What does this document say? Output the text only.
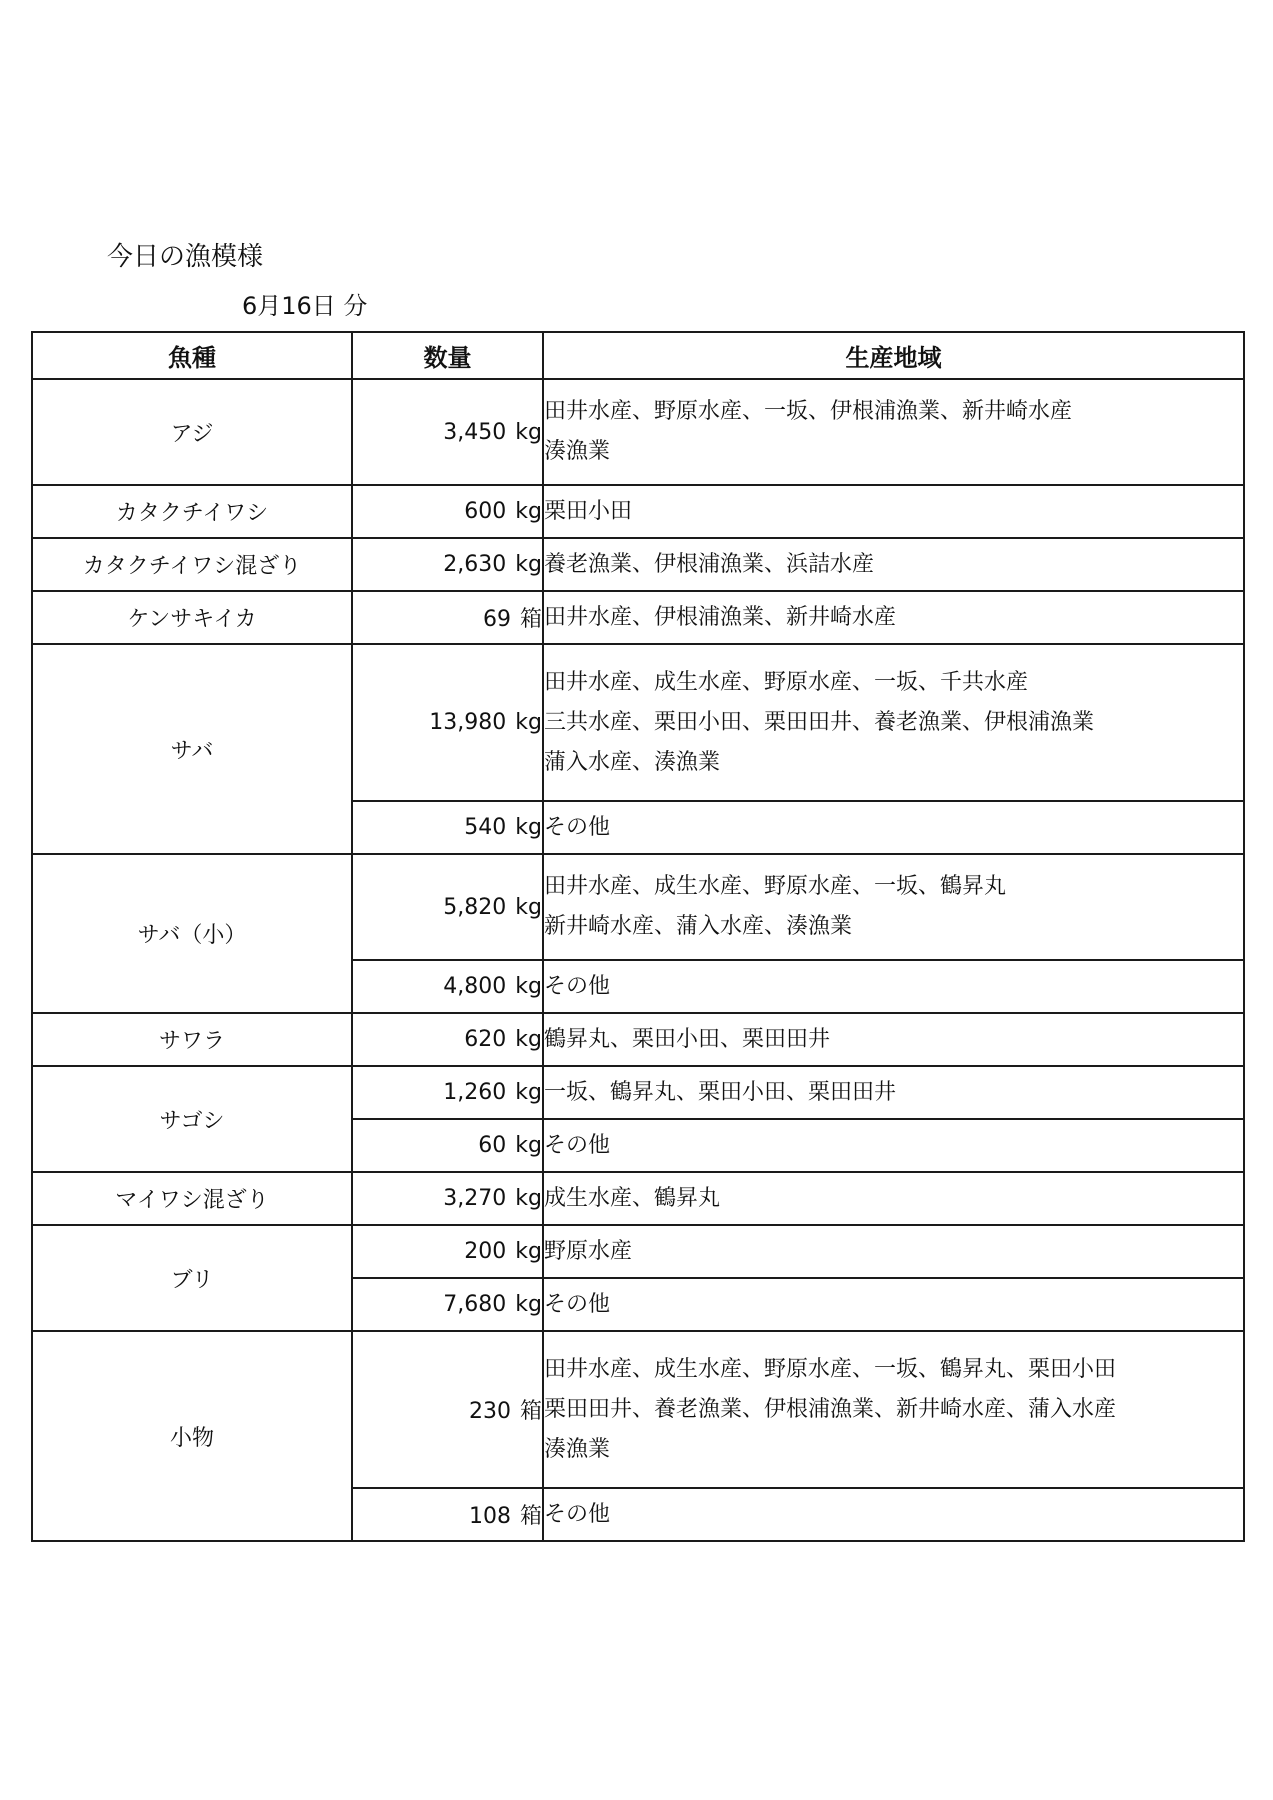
今日の漁模様
6月16日 分
魚種	数量	生産地域
アジ	3,450 kg	田井水産、野原水産、一坂、伊根浦漁業、新井崎水産
湊漁業

カタクチイワシ	600 kg	栗田小田

カタクチイワシ混ざり	2,630 kg	養老漁業、伊根浦漁業、浜詰水産

ケンサキイカ	69 箱	田井水産、伊根浦漁業、新井崎水産

サバ	13,980 kg	田井水産、成生水産、野原水産、一坂、千共水産
三共水産、栗田小田、栗田田井、養老漁業、伊根浦漁業
蒲入水産、湊漁業

	540 kg	その他

サバ（小）	5,820 kg	田井水産、成生水産、野原水産、一坂、鶴昇丸
新井崎水産、蒲入水産、湊漁業

	4,800 kg	その他

サワラ	620 kg	鶴昇丸、栗田小田、栗田田井

サゴシ	1,260 kg	一坂、鶴昇丸、栗田小田、栗田田井

	60 kg	その他

マイワシ混ざり	3,270 kg	成生水産、鶴昇丸

ブリ	200 kg	野原水産

	7,680 kg	その他

小物	230 箱	田井水産、成生水産、野原水産、一坂、鶴昇丸、栗田小田
栗田田井、養老漁業、伊根浦漁業、新井崎水産、蒲入水産
湊漁業

	108 箱	その他
